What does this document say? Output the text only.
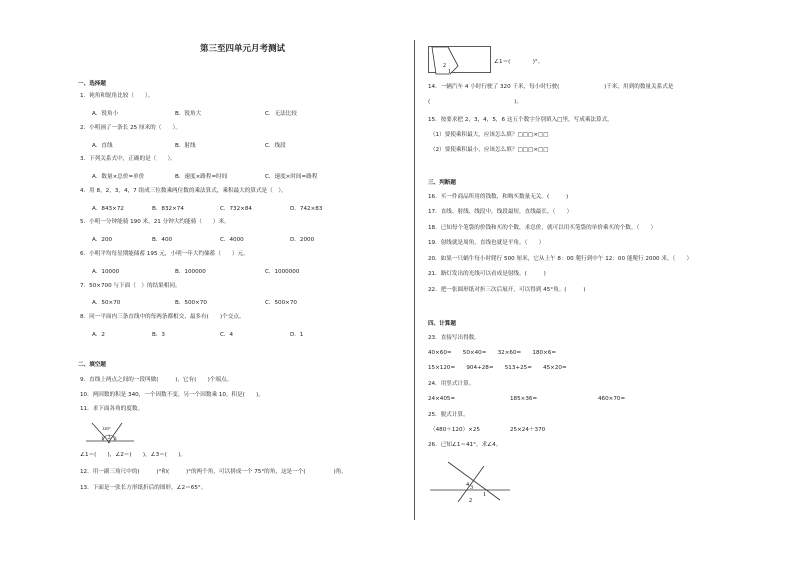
第三至四单元月考测试
一、选择题
1．钝角和锐角比较（　　）。
A．锐角小	B．锐角大	C．无法比较
2．小明画了一条长 25 厘米的（　　）。
A．直线	B．射线	C．线段
3．下列关系式中，正确的是（　　）。
A．数量×总价=单价	B．速度×路程=时间	C．速度×时间=路程
4．用 8，2，3，4，7 组成三位数乘两位数的乘法算式，乘积最大的算式是（　）。
A．843×72	B．832×74	C．732×84	D．742×83
5．小明一分钟能骑 190 米，21 分钟大约能骑（　　）米。
A．200	B．400	C．4000	D．2000
6．小明平均每星期能储蓄 195 元，小明一年大约储蓄（　　）元。
A．10000	B．100000	C．1000000
7．50×700 与下面（　）的结果相同。
A．50×70	B．500×70	C．500×70
8．同一平面内三条直线中的每两条都相交，最多有(　　)个交点。
A．2	B．3	C．4	D．1
二、填空题
9．直线上两点之间的一段叫做(　　　)，它有(　　)个端点。
10．两因数的积是 340，一个因数不变，另一个因数乘 10，积是(　　)。
11．求下面各角的度数。
1 2 3
120°
∠1＝(　　)，∠2＝(　　)，∠3＝(　　)。
12．用一副三角尺中的(　　　)°和(　　　)°的两个角，可以拼成一个 75°的角，这是一个(　　　　　)角。
13．下面是一张长方形纸折后的图形，∠2＝65°。
2
1
∠1＝(　　　　)°。
14．一辆汽车 4 小时行驶了 320 千米，每小时行驶(　　　　　　　　)千米，用到的数量关系式是
(　　　　　　　　　　　　　　　)。
15．按要求把 2，3，4，5，6 这五个数字分别填入□里，写成乘法算式。
（1）要使乘积最大，应该怎么填？□□□×□□
（2）要使乘积最小，应该怎么填？□□□×□□
三、判断题
16．买一件商品所用的钱数，和购买数量无关。(　　　)
17．直线、射线、线段中，线段最短，直线最长。（　　）
18．已知每个笔袋的价钱和买的个数，求总价，就可以用买笔袋的单价乘买的个数。（　　）
19．射线就是周角，直线也就是平角。（　　）
20．如果一只蜗牛每小时爬行 500 厘米，它从上午 8：00 爬行到中午 12：00 能爬行 2000 米。（　　）
21．路灯发出的光线可以看成是射线。(　　　)
22．把一张圆形纸对折三次后展开，可以得到 45°角。(　　　)
四、计算题
23．直接写出得数。
40×60=　　50×40=　　32×60=　　180×6=
15×120=　　904+28=　　513+25=　　45×20=
24．用竖式计算。
24×405=	185×36=	460×70=
25．脱式计算。
（480＋120）×25	25×24＋370
26．已知∠1＝41°，求∠4。
4 3
1
2
